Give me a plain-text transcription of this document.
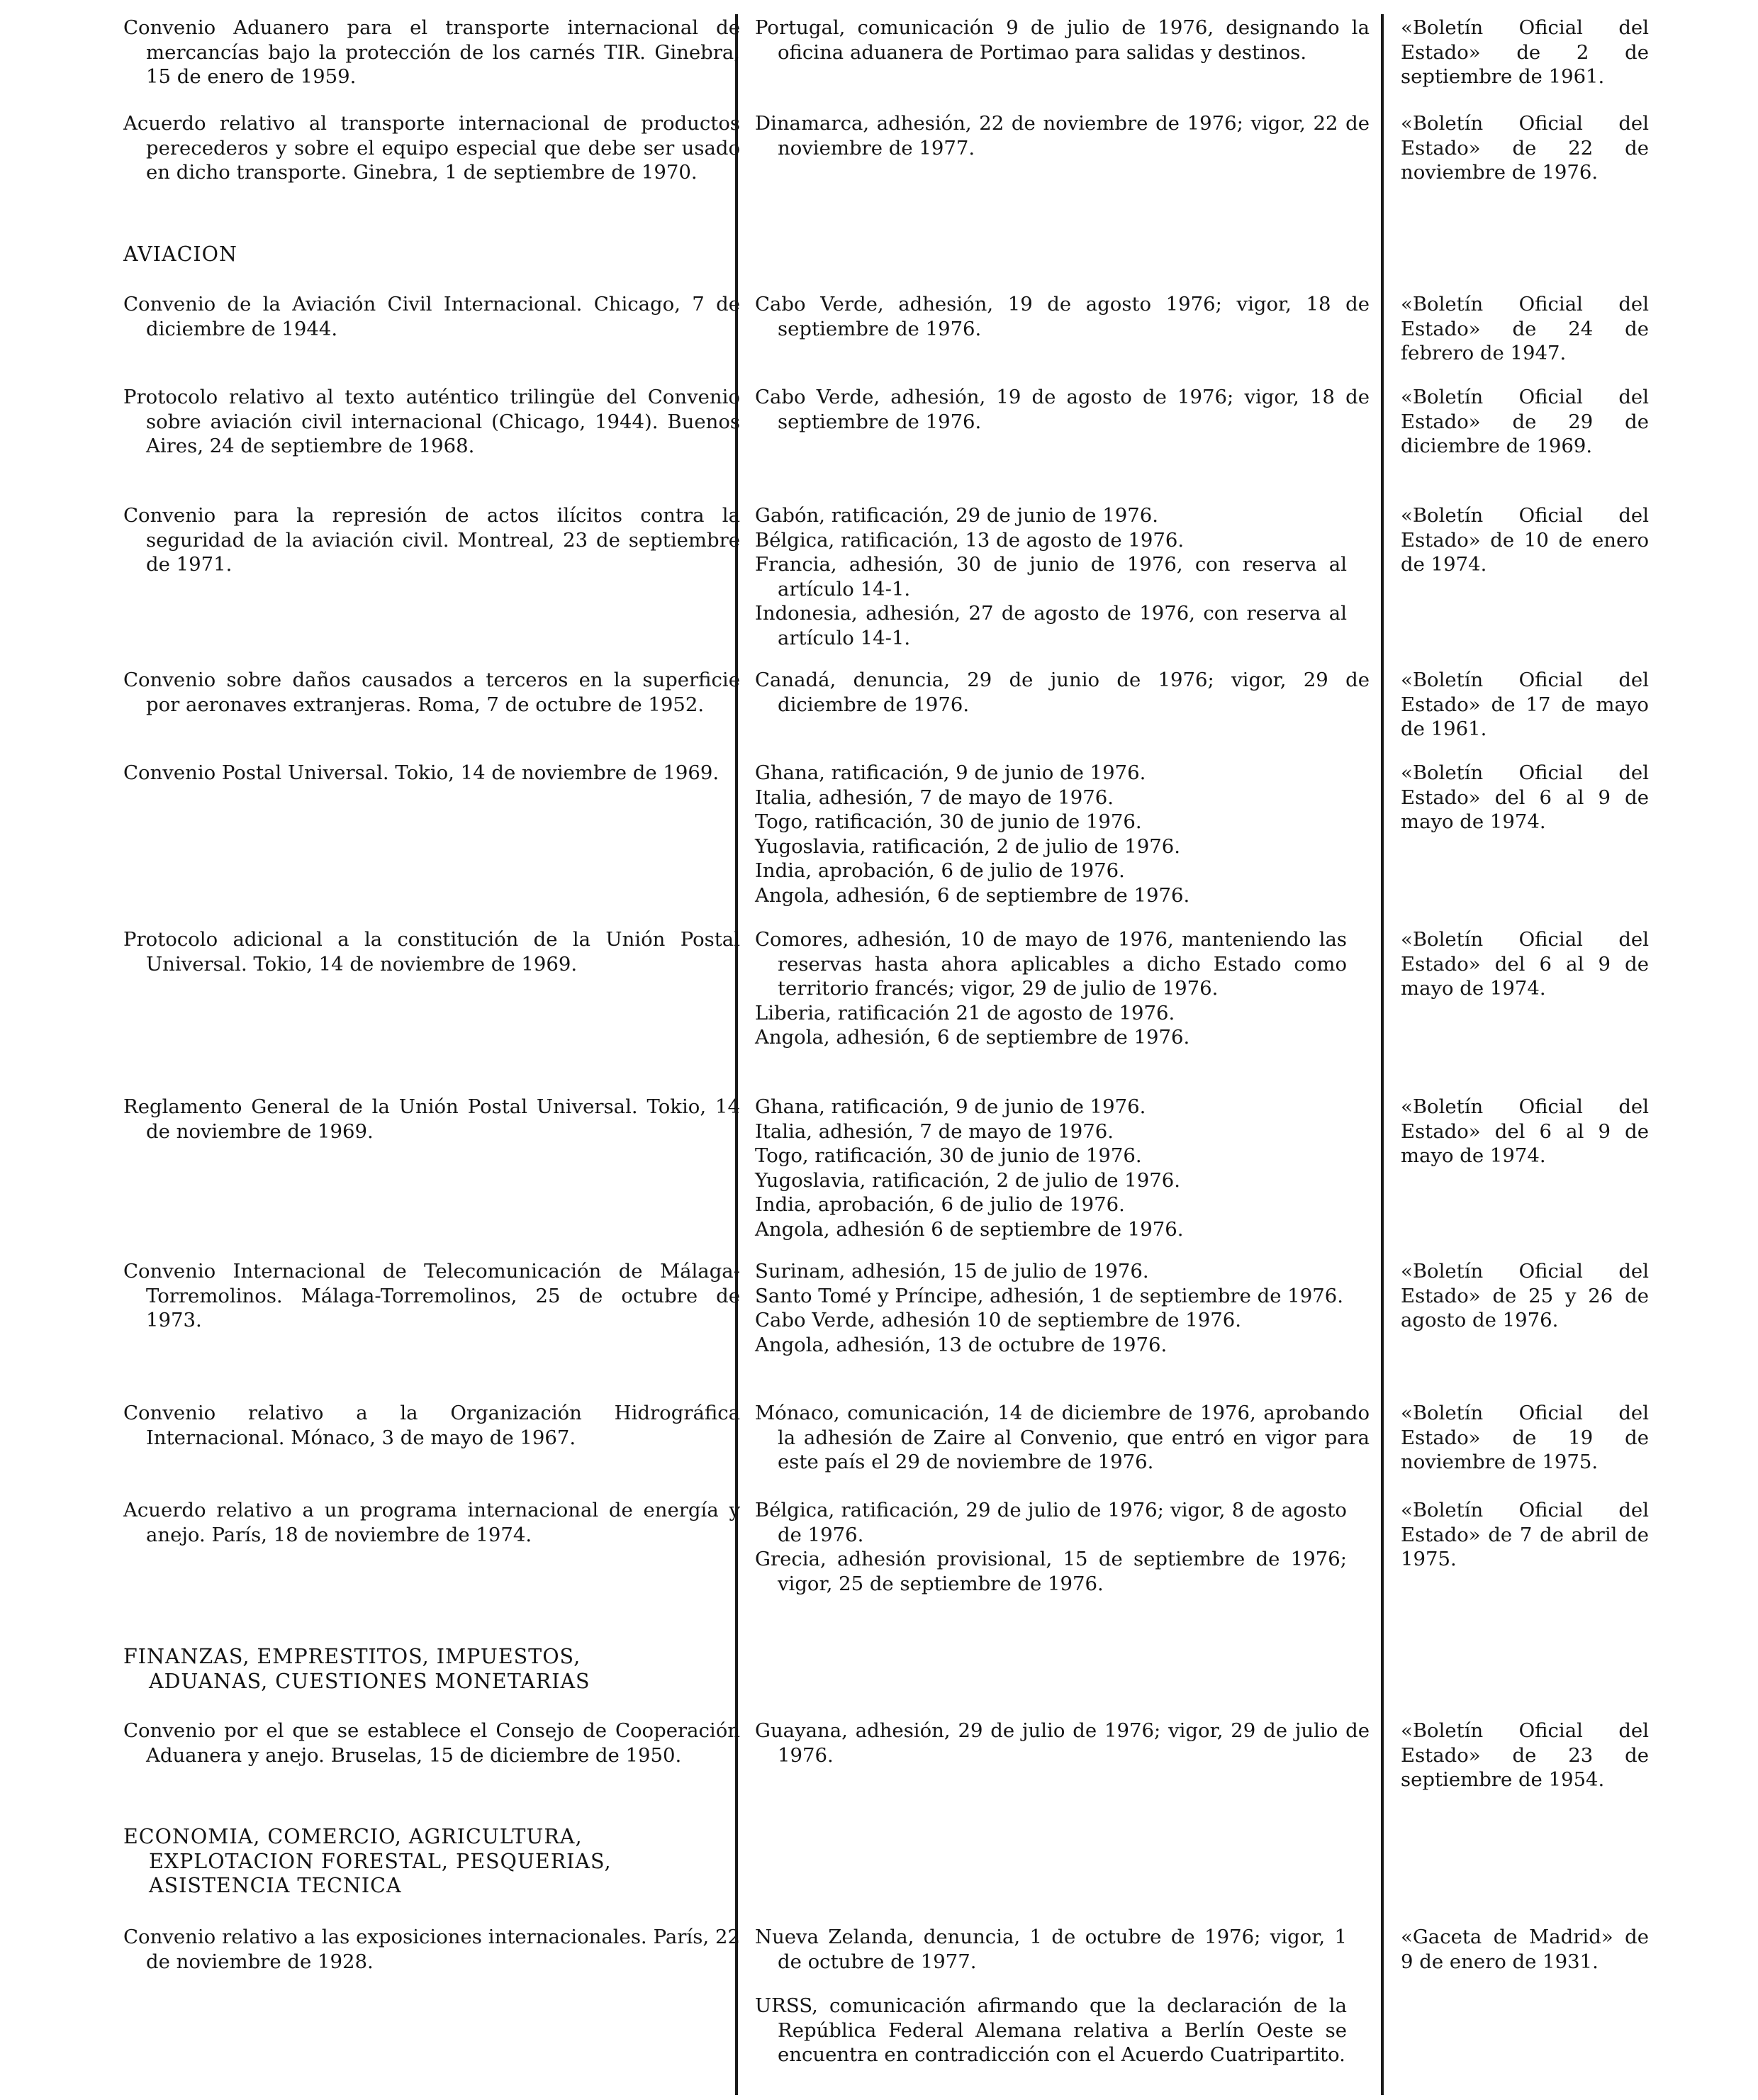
Convenio Aduanero para el transporte internacional de mercancías bajo la protección de los carnés TIR. Ginebra, 15 de enero de 1959.
Portugal, comunicación 9 de julio de 1976, designando la oficina aduanera de Portimao para salidas y destinos.
«Boletín Oficial del Estado» de 2 de septiembre de 1961.
Acuerdo relativo al transporte internacional de productos perecederos y sobre el equipo especial que debe ser usado en dicho transporte. Ginebra, 1 de septiembre de 1970.
Dinamarca, adhesión, 22 de noviembre de 1976; vigor, 22 de noviembre de 1977.
«Boletín Oficial del Estado» de 22 de noviembre de 1976.
AVIACION
Convenio de la Aviación Civil Internacional. Chicago, 7 de diciembre de 1944.
Cabo Verde, adhesión, 19 de agosto 1976; vigor, 18 de septiembre de 1976.
«Boletín Oficial del Estado» de 24 de febrero de 1947.
Protocolo relativo al texto auténtico trilingüe del Convenio sobre aviación civil internacional (Chicago, 1944). Buenos Aires, 24 de septiembre de 1968.
Cabo Verde, adhesión, 19 de agosto de 1976; vigor, 18 de septiembre de 1976.
«Boletín Oficial del Estado» de 29 de diciembre de 1969.
Convenio para la represión de actos ilícitos contra la seguridad de la aviación civil. Montreal, 23 de septiembre de 1971.
Gabón, ratificación, 29 de junio de 1976.
Bélgica, ratificación, 13 de agosto de 1976.
Francia, adhesión, 30 de junio de 1976, con reserva al artículo 14-1.
Indonesia, adhesión, 27 de agosto de 1976, con reserva al artículo 14-1.
«Boletín Oficial del Estado» de 10 de enero de 1974.
Convenio sobre daños causados a terceros en la superficie por aeronaves extranjeras. Roma, 7 de octubre de 1952.
Canadá, denuncia, 29 de junio de 1976; vigor, 29 de diciembre de 1976.
«Boletín Oficial del Estado» de 17 de mayo de 1961.
Convenio Postal Universal. Tokio, 14 de noviembre de 1969.	Ghana, ratificación, 9 de junio de 1976.
Italia, adhesión, 7 de mayo de 1976.
Togo, ratificación, 30 de junio de 1976.
Yugoslavia, ratificación, 2 de julio de 1976.
India, aprobación, 6 de julio de 1976.
Angola, adhesión, 6 de septiembre de 1976.
«Boletín Oficial del Estado» del 6 al 9 de mayo de 1974.
Protocolo adicional a la constitución de la Unión Postal Universal. Tokio, 14 de noviembre de 1969.
Comores, adhesión, 10 de mayo de 1976, manteniendo las reservas hasta ahora aplicables a dicho Estado como territorio francés; vigor, 29 de julio de 1976.
Liberia, ratificación 21 de agosto de 1976.
Angola, adhesión, 6 de septiembre de 1976.
«Boletín Oficial del Estado» del 6 al 9 de mayo de 1974.
Reglamento General de la Unión Postal Universal. Tokio, 14 de noviembre de 1969.
Ghana, ratificación, 9 de junio de 1976.
Italia, adhesión, 7 de mayo de 1976.
Togo, ratificación, 30 de junio de 1976.
Yugoslavia, ratificación, 2 de julio de 1976.
India, aprobación, 6 de julio de 1976.
Angola, adhesión 6 de septiembre de 1976.
«Boletín Oficial del Estado» del 6 al 9 de mayo de 1974.
Convenio Internacional de Telecomunicación de Málaga-Torremolinos. Málaga-Torremolinos, 25 de octubre de 1973.
Surinam, adhesión, 15 de julio de 1976.
Santo Tomé y Príncipe, adhesión, 1 de septiembre de 1976.
Cabo Verde, adhesión 10 de septiembre de 1976.
Angola, adhesión, 13 de octubre de 1976.
«Boletín Oficial del Estado» de 25 y 26 de agosto de 1976.
Convenio relativo a la Organización Hidrográfica Internacional. Mónaco, 3 de mayo de 1967.
Mónaco, comunicación, 14 de diciembre de 1976, aprobando la adhesión de Zaire al Convenio, que entró en vigor para este país el 29 de noviembre de 1976.
«Boletín Oficial del Estado» de 19 de noviembre de 1975.
Acuerdo relativo a un programa internacional de energía y anejo. París, 18 de noviembre de 1974.
Bélgica, ratificación, 29 de julio de 1976; vigor, 8 de agosto de 1976.
Grecia, adhesión provisional, 15 de septiembre de 1976; vigor, 25 de septiembre de 1976.
«Boletín Oficial del Estado» de 7 de abril de 1975.
FINANZAS, EMPRESTITOS, IMPUESTOS,
ADUANAS, CUESTIONES MONETARIAS
Convenio por el que se establece el Consejo de Cooperación Aduanera y anejo. Bruselas, 15 de diciembre de 1950.
Guayana, adhesión, 29 de julio de 1976; vigor, 29 de julio de 1976.
«Boletín Oficial del Estado» de 23 de septiembre de 1954.
ECONOMIA, COMERCIO, AGRICULTURA,
EXPLOTACION FORESTAL, PESQUERIAS,
ASISTENCIA TECNICA
Convenio relativo a las exposiciones internacionales. París, 22 de noviembre de 1928.
Nueva Zelanda, denuncia, 1 de octubre de 1976; vigor, 1 de octubre de 1977.
URSS, comunicación afirmando que la declaración de la República Federal Alemana relativa a Berlín Oeste se encuentra en contradicción con el Acuerdo Cuatripartito.
«Gaceta de Madrid» de 9 de enero de 1931.
